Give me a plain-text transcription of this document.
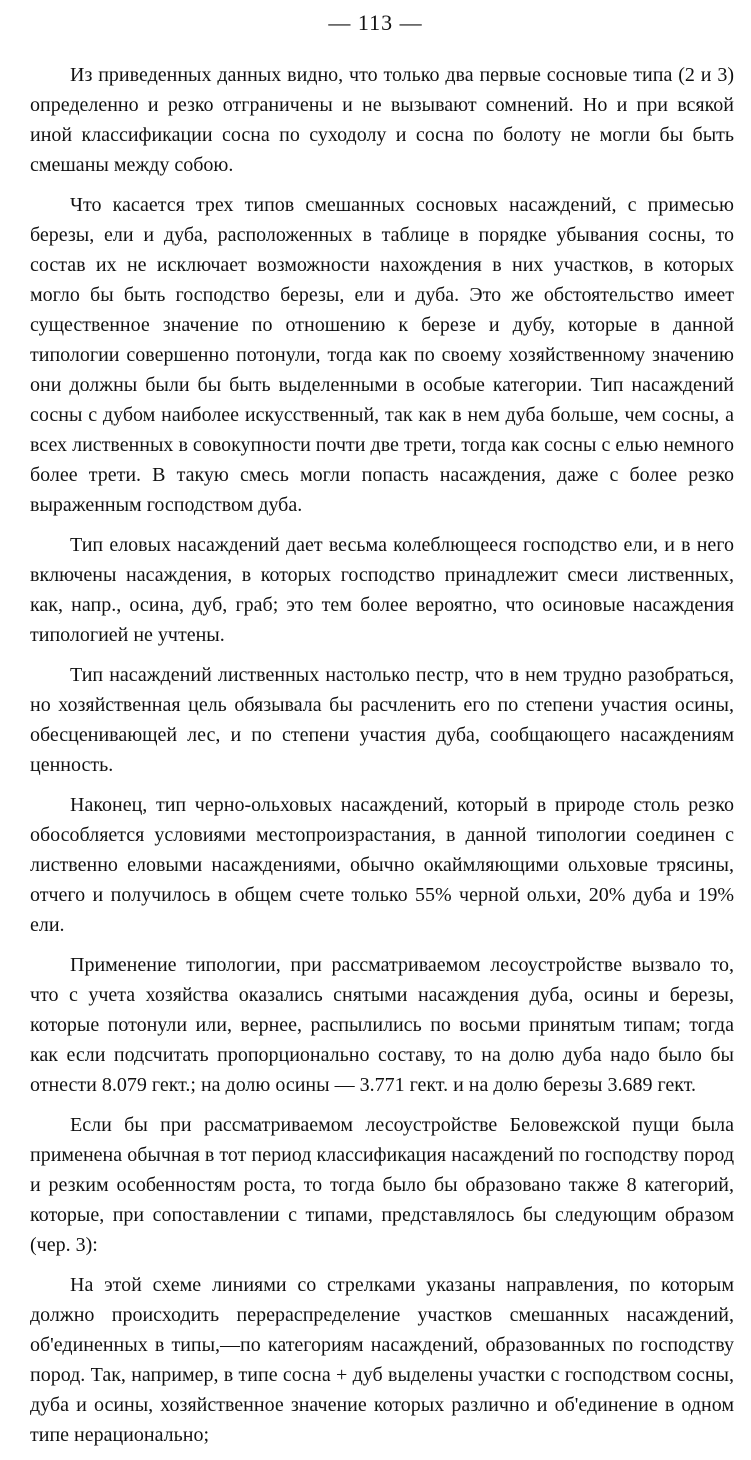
— 113 —

Из приведенных данных видно, что только два первые сосновые типа (2 и 3) определенно и резко отграничены и не вызывают сомнений. Но и при всякой иной классификации сосна по суходолу и сосна по болоту не могли бы быть смешаны между собою.

Что касается трех типов смешанных сосновых насаждений, с примесью березы, ели и дуба, расположенных в таблице в порядке убывания сосны, то состав их не исключает возможности нахождения в них участков, в которых могло бы быть господство березы, ели и дуба. Это же обстоятельство имеет существенное значение по отношению к березе и дубу, которые в данной типологии совершенно потонули, тогда как по своему хозяйственному значению они должны были бы быть выделенными в особые категории. Тип насаждений сосны с дубом наиболее искусственный, так как в нем дуба больше, чем сосны, а всех лиственных в совокупности почти две трети, тогда как сосны с елью немного более трети. В такую смесь могли попасть насаждения, даже с более резко выраженным господством дуба.

Тип еловых насаждений дает весьма колеблющееся господство ели, и в него включены насаждения, в которых господство принадлежит смеси лиственных, как, напр., осина, дуб, граб; это тем более вероятно, что осиновые насаждения типологией не учтены.

Тип насаждений лиственных настолько пестр, что в нем трудно разобраться, но хозяйственная цель обязывала бы расчленить его по степени участия осины, обесценивающей лес, и по степени участия дуба, сообщающего насаждениям ценность.

Наконец, тип черно-ольховых насаждений, который в природе столь резко обособляется условиями местопроизрастания, в данной типологии соединен с лиственно еловыми насаждениями, обычно окаймляющими ольховые трясины, отчего и получилось в общем счете только 55% черной ольхи, 20% дуба и 19% ели.

Применение типологии, при рассматриваемом лесоустройстве вызвало то, что с учета хозяйства оказались снятыми насаждения дуба, осины и березы, которые потонули или, вернее, распылились по восьми принятым типам; тогда как если подсчитать пропорционально составу, то на долю дуба надо было бы отнести 8.079 гект.; на долю осины — 3.771 гект. и на долю березы 3.689 гект.

Если бы при рассматриваемом лесоустройстве Беловежской пущи была применена обычная в тот период классификация насаждений по господству пород и резким особенностям роста, то тогда было бы образовано также 8 категорий, которые, при сопоставлении с типами, представлялось бы следующим образом (чер. 3):

На этой схеме линиями со стрелками указаны направления, по которым должно происходить перераспределение участков смешанных насаждений, об'единенных в типы,—по категориям насаждений, образованных по господству пород. Так, например, в типе сосна + дуб выделены участки с господством сосны, дуба и осины, хозяйственное значение которых различно и об'единение в одном типе нерационально;
